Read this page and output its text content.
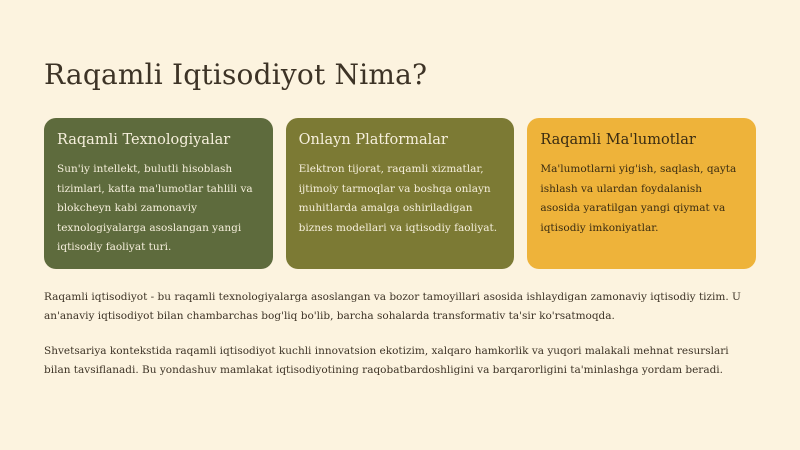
Raqamli Iqtisodiyot Nima?
Raqamli Texnologiyalar

Sun'iy intellekt, bulutli hisoblash tizimlari, katta ma'lumotlar tahlili va blokcheyn kabi zamonaviy texnologiyalarga asoslangan yangi iqtisodiy faoliyat turi.

Onlayn Platformalar

Elektron tijorat, raqamli xizmatlar, ijtimoiy tarmoqlar va boshqa onlayn muhitlarda amalga oshiriladigan biznes modellari va iqtisodiy faoliyat.

Raqamli Ma'lumotlar

Ma'lumotlarni yig'ish, saqlash, qayta ishlash va ulardan foydalanish asosida yaratilgan yangi qiymat va iqtisodiy imkoniyatlar.

Raqamli iqtisodiyot - bu raqamli texnologiyalarga asoslangan va bozor tamoyillari asosida ishlaydigan zamonaviy iqtisodiy tizim. U an'anaviy iqtisodiyot bilan chambarchas bog'liq bo'lib, barcha sohalarda transformativ ta'sir ko'rsatmoqda.

Shvetsariya kontekstida raqamli iqtisodiyot kuchli innovatsion ekotizim, xalqaro hamkorlik va yuqori malakali mehnat resurslari bilan tavsiflanadi. Bu yondashuv mamlakat iqtisodiyotining raqobatbardoshligini va barqarorligini ta'minlashga yordam beradi.
